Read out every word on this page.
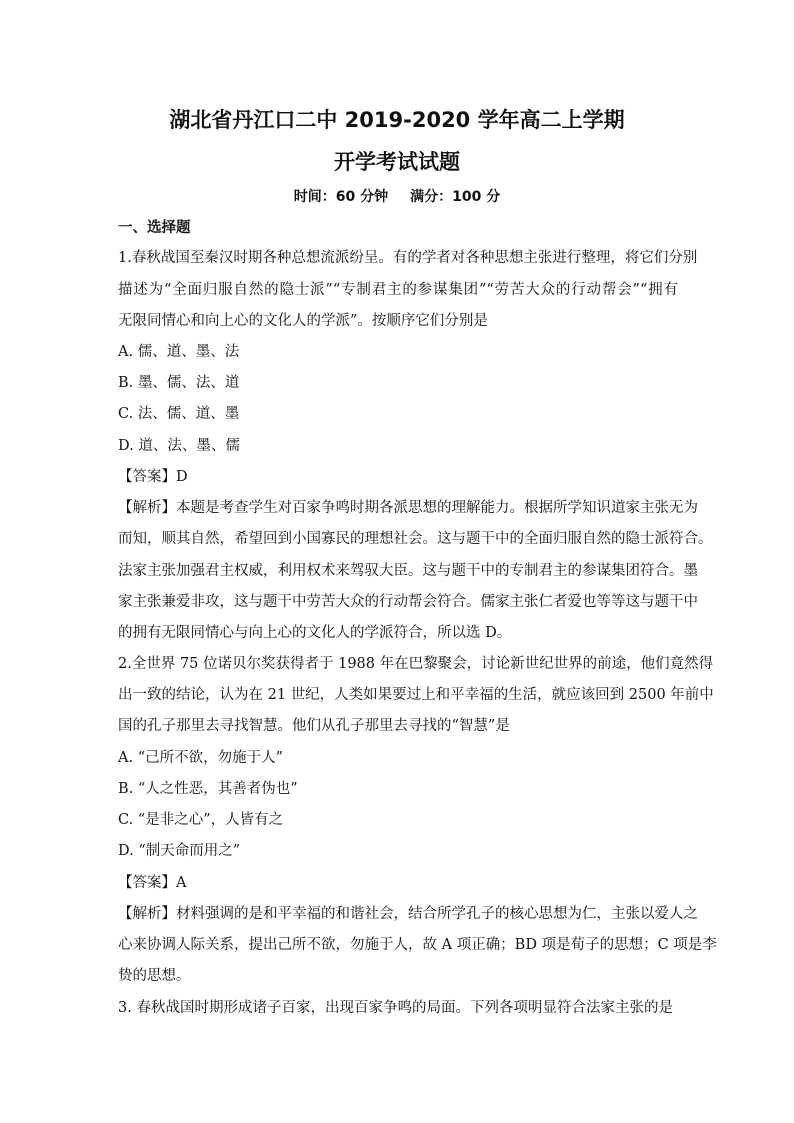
湖北省丹江口二中 2019-2020 学年高二上学期
开学考试试题
时间：60 分钟 满分：100 分

一、选择题

1.春秋战国至秦汉时期各种总想流派纷呈。有的学者对各种思想主张进行整理，将它们分别

描述为“全面归服自然的隐士派”“专制君主的参谋集团”“劳苦大众的行动帮会”“拥有

无限同情心和向上心的文化人的学派”。按顺序它们分别是

A. 儒、道、墨、法

B. 墨、儒、法、道

C. 法、儒、道、墨

D. 道、法、墨、儒

【答案】D

【解析】本题是考查学生对百家争鸣时期各派思想的理解能力。根据所学知识道家主张无为

而知，顺其自然，希望回到小国寡民的理想社会。这与题干中的全面归服自然的隐士派符合。

法家主张加强君主权威，利用权术来驾驭大臣。这与题干中的专制君主的参谋集团符合。墨

家主张兼爱非攻，这与题干中劳苦大众的行动帮会符合。儒家主张仁者爱也等等这与题干中

的拥有无限同情心与向上心的文化人的学派符合，所以选 D。

2.全世界 75 位诺贝尔奖获得者于 1988 年在巴黎聚会，讨论新世纪世界的前途，他们竟然得

出一致的结论，认为在 21 世纪，人类如果要过上和平幸福的生活，就应该回到 2500 年前中

国的孔子那里去寻找智慧。他们从孔子那里去寻找的“智慧”是

A. “己所不欲，勿施于人”

B. “人之性恶，其善者伪也”

C. “是非之心”，人皆有之

D. “制天命而用之”

【答案】A

【解析】材料强调的是和平幸福的和谐社会，结合所学孔子的核心思想为仁，主张以爱人之

心来协调人际关系，提出己所不欲，勿施于人，故 A 项正确；BD 项是荀子的思想；C 项是李

贽的思想。

3. 春秋战国时期形成诸子百家，出现百家争鸣的局面。下列各项明显符合法家主张的是
